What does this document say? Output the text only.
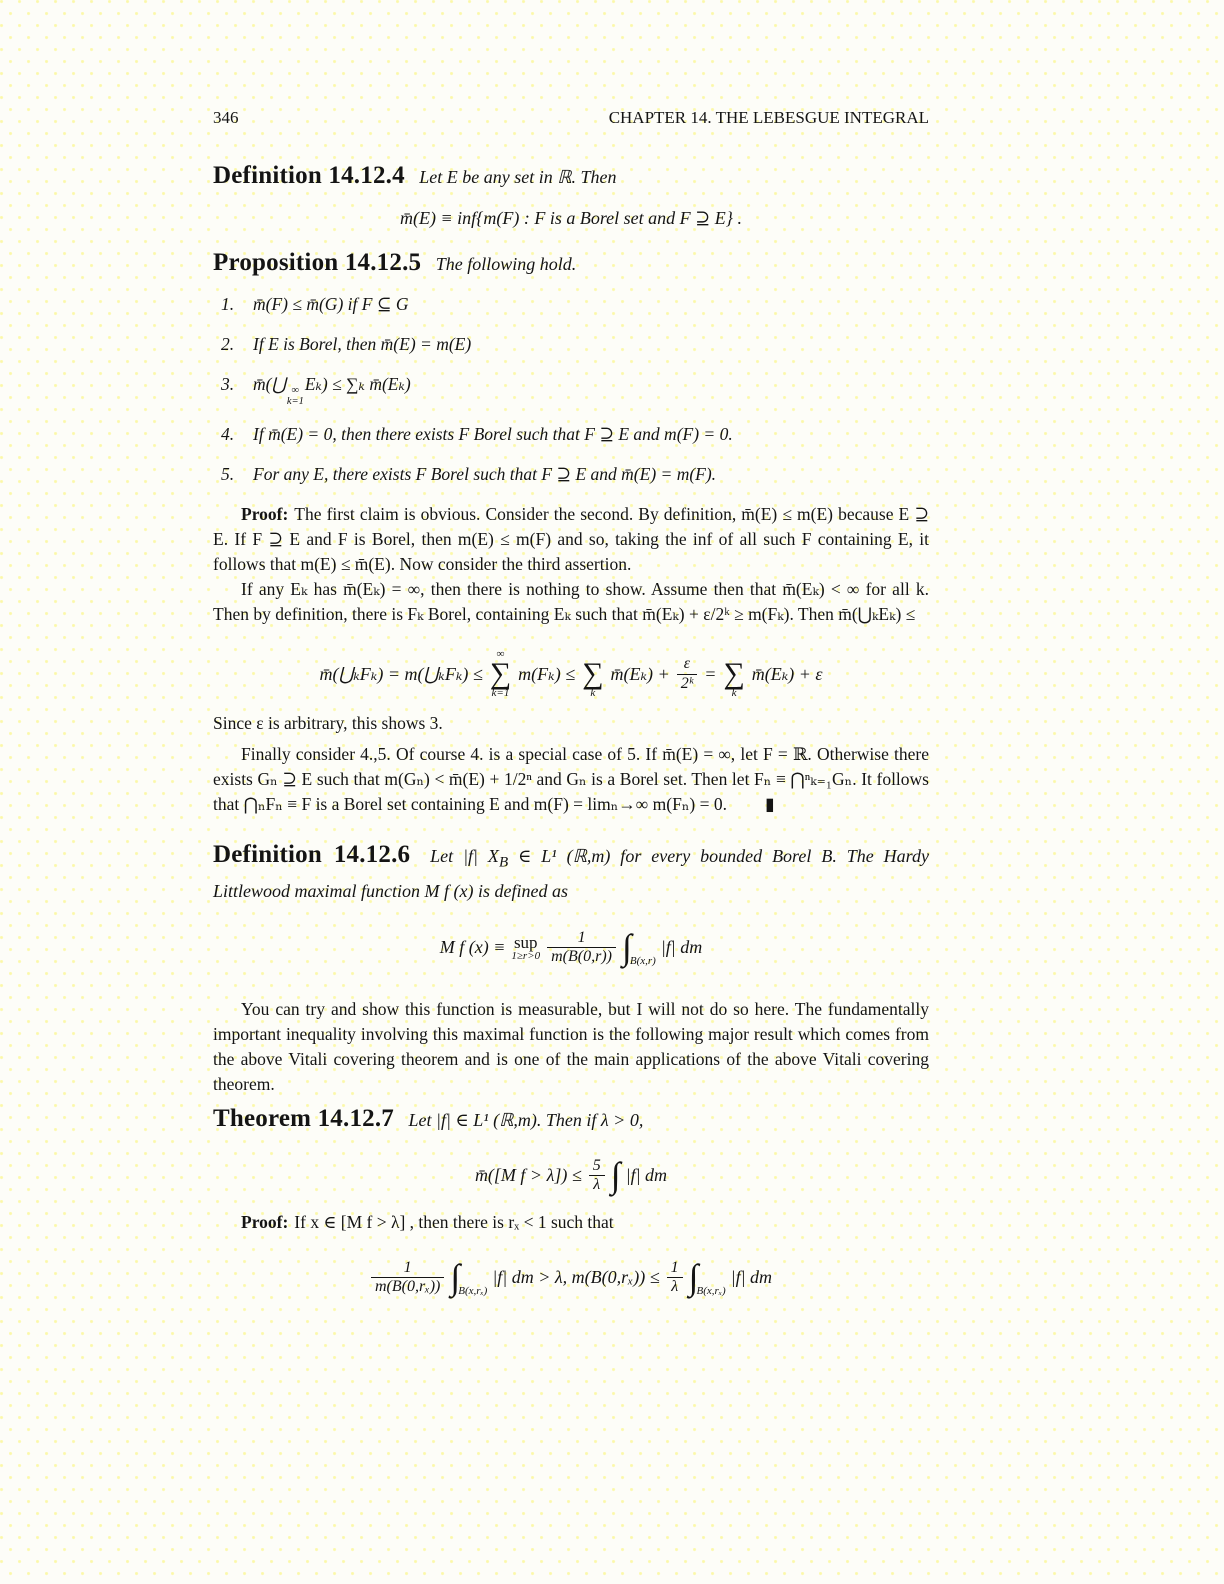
346	CHAPTER 14. THE LEBESGUE INTEGRAL

Definition 14.12.4 Let E be any set in ℝ. Then

m̄(E) ≡ inf{m(F) : F is a Borel set and F ⊇ E} .

Proposition 14.12.5 The following hold.

1. m̄(F) ≤ m̄(G) if F ⊆ G
2. If E is Borel, then m̄(E) = m(E)
3. m̄(⋃ ∞
k=1
Eₖ) ≤ ∑ₖ m̄(Eₖ)
4. If m̄(E) = 0, then there exists F Borel such that F ⊇ E and m(F) = 0.
5. For any E, there exists F Borel such that F ⊇ E and m̄(E) = m(F).

Proof: The first claim is obvious. Consider the second. By definition, m̄(E) ≤ m(E) because E ⊇ E. If F ⊇ E and F is Borel, then m(E) ≤ m(F) and so, taking the inf of all such F containing E, it follows that m(E) ≤ m̄(E). Now consider the third assertion.

If any Eₖ has m̄(Eₖ) = ∞, then there is nothing to show. Assume then that m̄(Eₖ) < ∞ for all k. Then by definition, there is Fₖ Borel, containing Eₖ such that m̄(Eₖ) + ε/2ᵏ ≥ m(Fₖ). Then m̄(⋃ₖEₖ) ≤

m̄(⋃ₖFₖ) = m(⋃ₖFₖ) ≤
∞
∑
k=1
m(Fₖ) ≤
∑
k
m̄(Eₖ) + $\frac{\varepsilon}{\text{2ᵏ}}$ =
∑
k
m̄(Eₖ) + ε

Since ε is arbitrary, this shows 3.

Finally consider 4.,5. Of course 4. is a special case of 5. If m̄(E) = ∞, let F = ℝ. Otherwise there exists Gₙ ⊇ E such that m(Gₙ) < m̄(E) + 1/2ⁿ and Gₙ is a Borel set. Then let Fₙ ≡ ⋂ⁿₖ₌₁Gₙ. It follows that ⋂ₙFₙ ≡ F is a Borel set containing E and m(F) = limₙ→∞ m(Fₙ) = 0. ▮

Definition 14.12.6 Let |f| $X_B$ ∈ L¹ (ℝ,m) for every bounded Borel B. The Hardy Littlewood maximal function M f (x) is defined as

M f (x) ≡ sup
$1\ge r>0 \frac{1}{m(B(0,r))}$ ∫
B(x,r)
|f| dm

You can try and show this function is measurable, but I will not do so here. The fundamentally important inequality involving this maximal function is the following major result which comes from the above Vitali covering theorem and is one of the main applications of the above Vitali covering theorem.

Theorem 14.12.7 Let |f| ∈ L¹ (ℝ,m). Then if λ > 0,

m̄([M $f > \lambda]) \le \frac{5}{\lambda}$ ∫ |f| dm

Proof: If x ∈ [M f > λ] , then there is rₓ < 1 such that

$\frac{1}{\text{m(B(0,rₓ))}}$ ∫
B(x,rₓ)
|f| dm > λ, $m(B(0,r_x)) \le \frac{1}{\lambda}$ ∫
B(x,rₓ)
|f| dm
